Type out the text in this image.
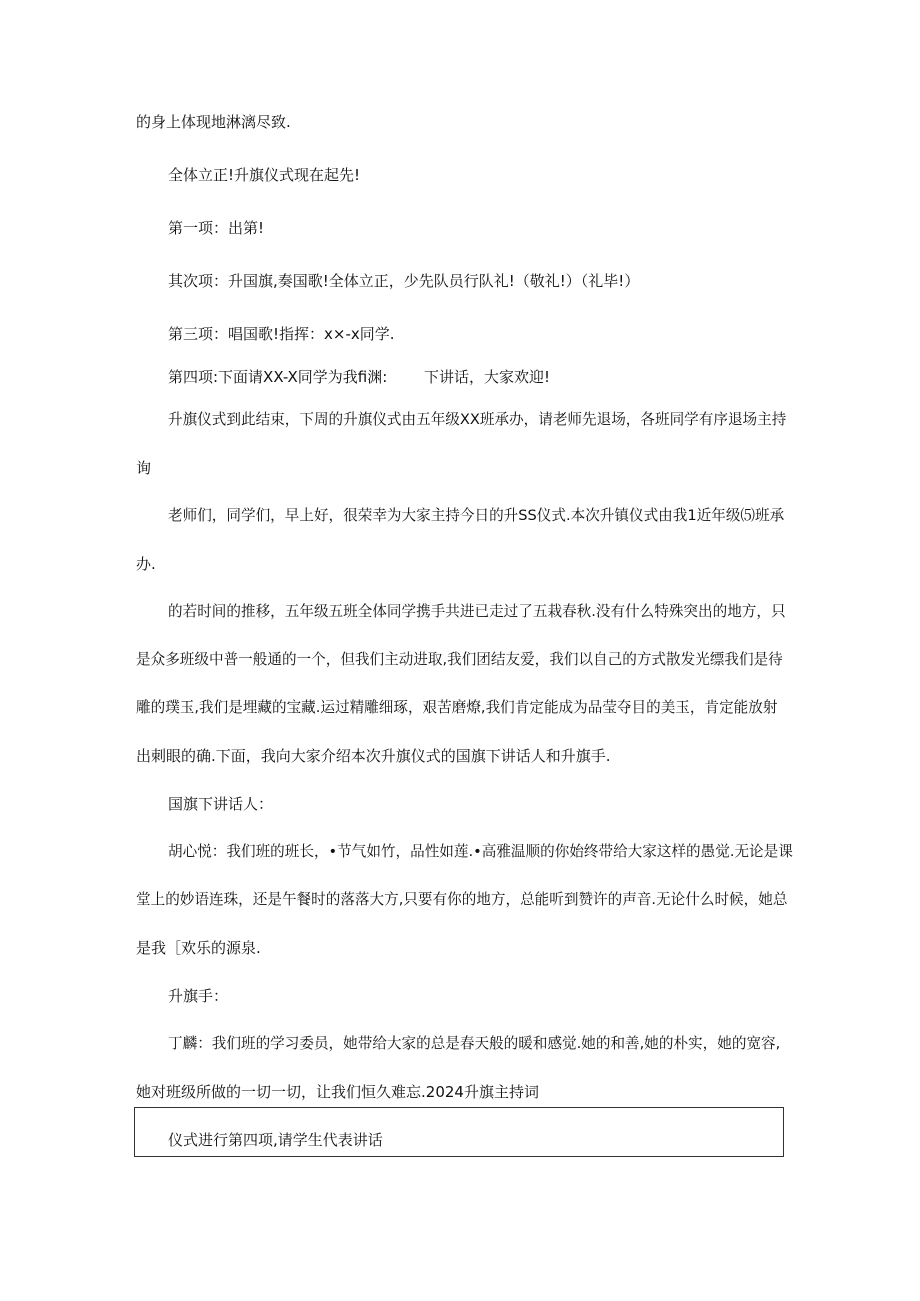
的身上体现地淋漓尽致.
全体立正!升旗仪式现在起先!
第一项：出第!
其次项：升国旗,奏国歌!全体立正，少先队员行队礼!（敬礼!）（礼毕!）
第三项：唱国歌!指挥：x×-x同学.
第四项:下面请XX-X同学为我fi渊: 下讲话，大家欢迎!
升旗仪式到此结束，下周的升旗仪式由五年级XX班承办，请老师先退场，各班同学有序退场主持
询
老师们，同学们，早上好，很荣幸为大家主持今日的升SS仪式.本次升镇仪式由我1近年级⑸班承
办.
的若时间的推移，五年级五班全体同学携手共进已走过了五栽春秋.没有什么特殊突出的地方，只
是众多班级中普一般通的一个，但我们主动进取,我们团结友爱，我们以自己的方式散发光缥我们是待
雕的璞玉,我们是埋藏的宝藏.运过精雕细琢，艰苦磨燎,我们肯定能成为品莹夺目的美玉，肯定能放射
出刺眼的确.下面，我向大家介绍本次升旗仪式的国旗下讲话人和升旗手.
国旗下讲话人：
胡心悦：我们班的班长，•节气如竹，品性如莲.•高雅温顺的你始终带给大家这样的愚觉.无论是课
堂上的妙语连珠，还是午餐时的落落大方,只要有你的地方，总能听到赞许的声音.无论什么时候，她总
是我［欢乐的源泉.
升旗手：
丁麟：我们班的学习委员，她带给大家的总是春天般的暖和感觉.她的和善,她的朴实，她的宽容,
她对班级所做的一切一切，让我们恒久难忘.2024升旗主持词
仪式进行第四项,请学生代表讲话
